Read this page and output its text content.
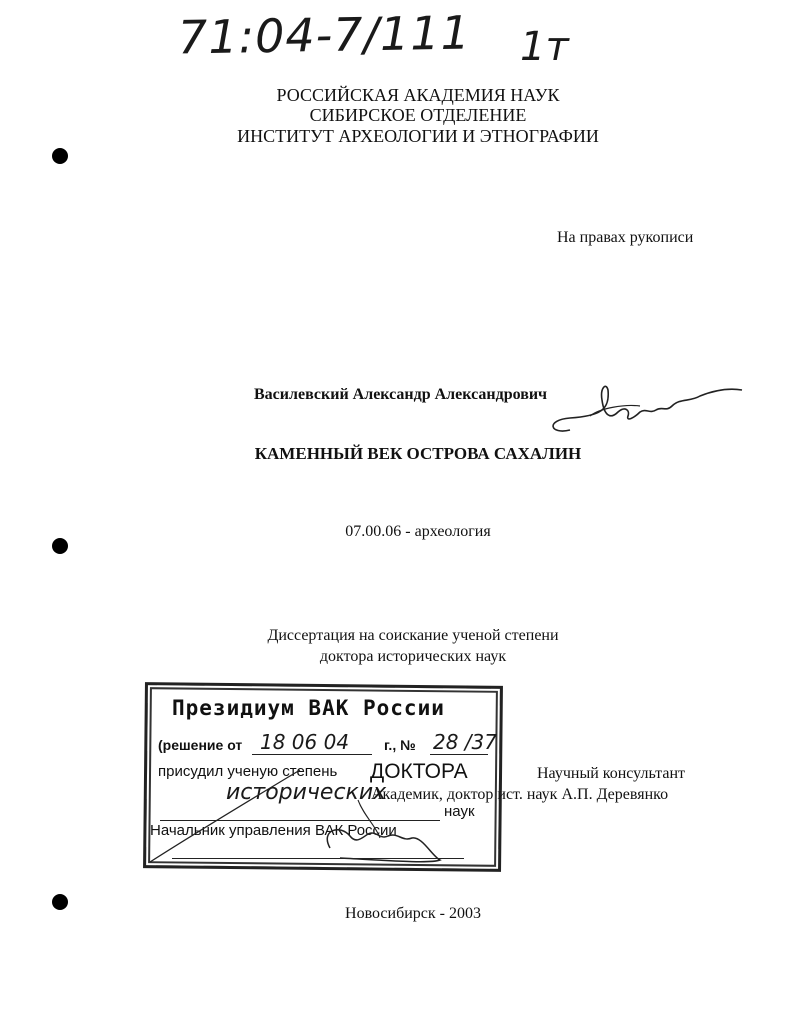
71:04-7/111 1т
РОССИЙСКАЯ АКАДЕМИЯ НАУК
СИБИРСКОЕ ОТДЕЛЕНИЕ
ИНСТИТУТ АРХЕОЛОГИИ И ЭТНОГРАФИИ
На правах рукописи
Василевский Александр Александрович
КАМЕННЫЙ ВЕК ОСТРОВА САХАЛИН
07.00.06 - археология
Диссертация на соискание ученой степени
доктора исторических наук
Президиум ВАК России
(решение от 18 06 04 г., № 28 /37
присудил ученую степень ДОКТОРА
исторических
наук
Начальник управления ВАК России
Научный консультант
Академик, доктор ист. наук А.П. Деревянко
Новосибирск - 2003
